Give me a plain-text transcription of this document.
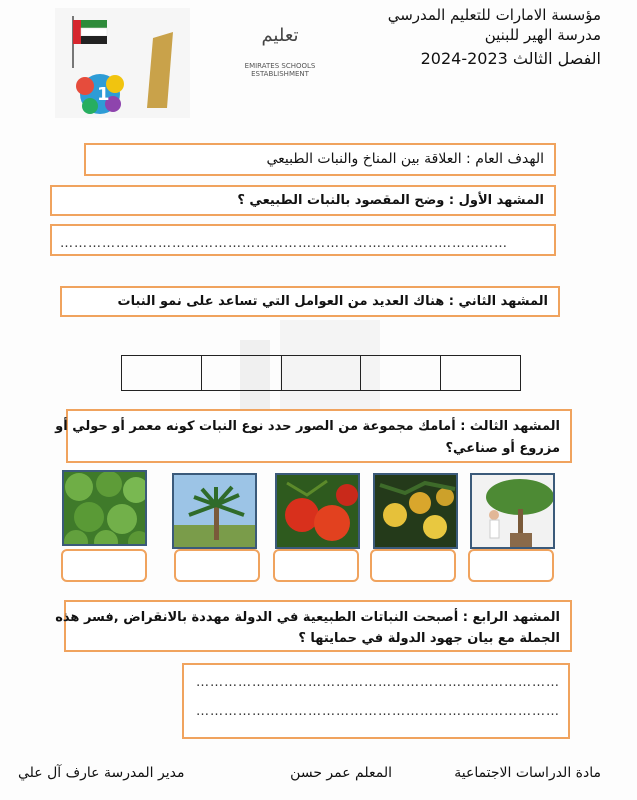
مؤسسة الامارات للتعليم المدرسي
مدرسة الهير للبنين
الفصل الثالث 2023-2024
تعليم
EMIRATES SCHOOLS ESTABLISHMENT
1
الهدف العام : العلاقة بين المناخ والنبات الطبيعي
المشهد الأول : وضح المقصود بالنبات الطبيعي ؟
……………………………………………………………………………………
المشهد الثاني : هناك العديد من العوامل التي تساعد على نمو النبات
المشهد الثالث : أمامك مجموعة من الصور حدد نوع النبات كونه معمر أو حولي أو
مزروع أو صناعي؟
المشهد الرابع : أصبحت النباتات الطبيعية في الدولة مهددة بالانقراض ,فسر هذه
الجملة مع بيان جهود الدولة في حمايتها ؟
……………………………………………………………………
……………………………………………………………………
مادة الدراسات الاجتماعية
المعلم عمر حسن
مدير المدرسة عارف آل علي
